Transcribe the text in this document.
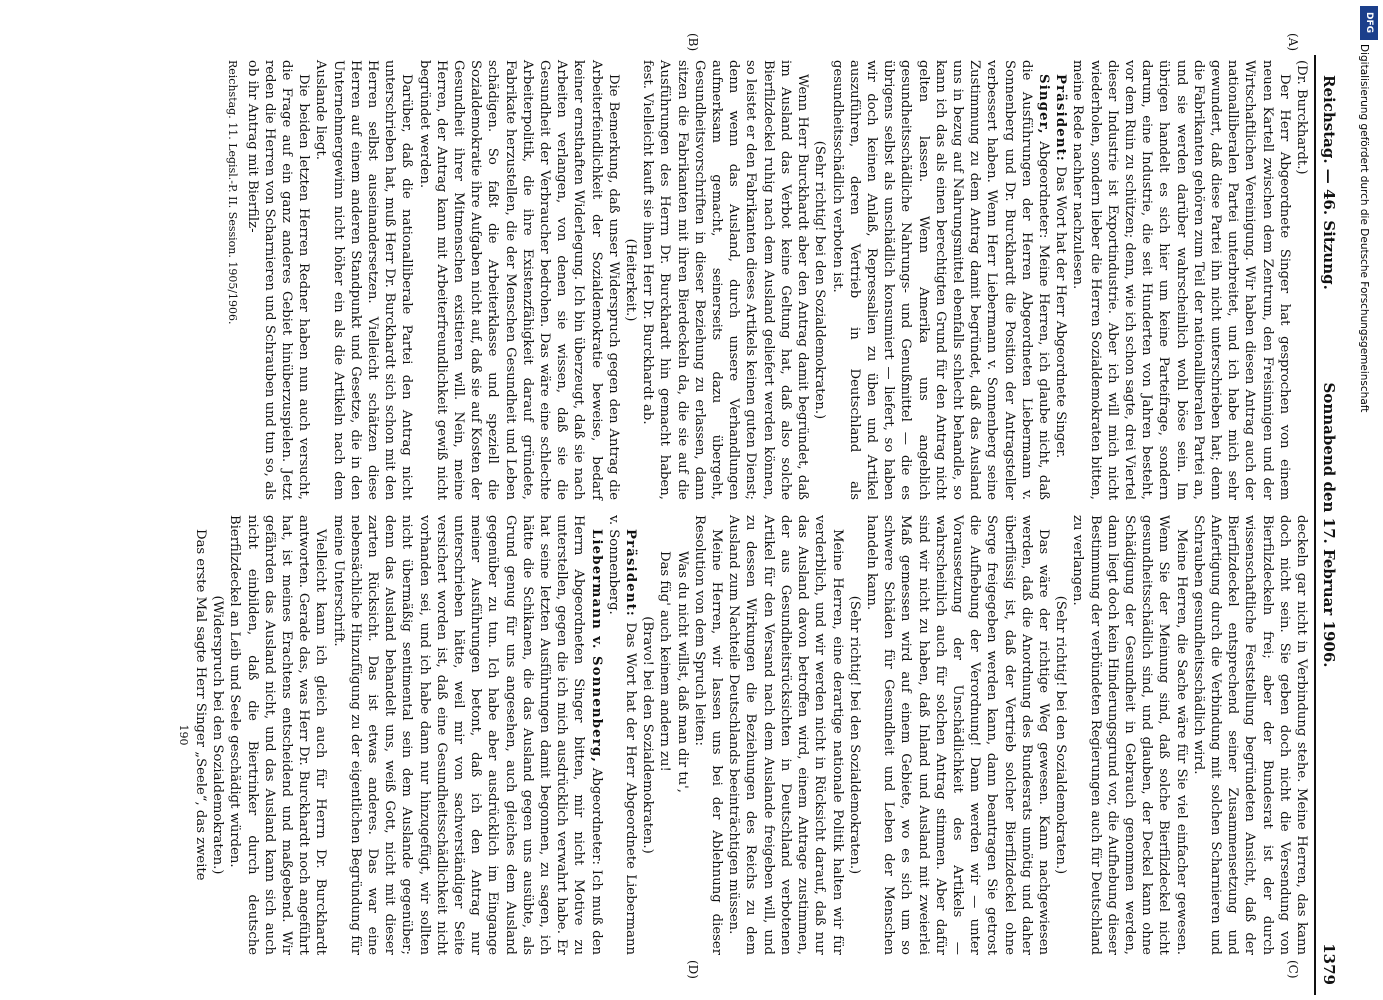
Reichstag. — 46. Sitzung.
Sonnabend den 17. Februar 1906.
1379
(A)
(B)
(C)
(D)

(Dr. Burckhardt.)

Der Herr Abgeordnete Singer hat gesprochen von einem neuen Kartell zwischen dem Zentrum, den Freisinnigen und der Wirtschaftlichen Vereinigung. Wir haben diesen Antrag auch der nationalliberalen Partei unterbreitet, und ich habe mich sehr gewundert, daß diese Partei ihn nicht unterschrieben hat; denn die Fabrikanten gehören zum Teil der nationalliberalen Partei an, und sie werden darüber wahrscheinlich wohl böse sein. Im übrigen handelt es sich hier um keine Parteifrage, sondern darum, eine Industrie, die seit Hunderten von Jahren besteht, vor dem Ruin zu schützen; denn, wie ich schon sagte, drei Viertel dieser Industrie ist Exportindustrie. Aber ich will mich nicht wiederholen, sondern lieber die Herren Sozialdemokraten bitten, meine Rede nachher nachzulesen.

Präsident: Das Wort hat der Herr Abgeordnete Singer.

Singer, Abgeordneter: Meine Herren, ich glaube nicht, daß die Ausführungen der Herren Abgeordneten Liebermann v. Sonnenberg und Dr. Burckhardt die Position der Antragsteller verbessert haben. Wenn Herr Liebermann v. Sonnenberg seine Zustimmung zu dem Antrag damit begründet, daß das Ausland uns in bezug auf Nahrungsmittel ebenfalls schlecht behandle, so kann ich das als einen berechtigten Grund für den Antrag nicht gelten lassen. Wenn Amerika uns angeblich gesundheitsschädliche Nahrungs- und Genußmittel — die es übrigens selbst als unschädlich konsumiert — liefert, so haben wir doch keinen Anlaß, Repressalien zu üben und Artikel auszuführen, deren Vertrieb in Deutschland als gesundheitsschädlich verboten ist.

(Sehr richtig! bei den Sozialdemokraten.)

Wenn Herr Burckhardt aber den Antrag damit begründet, daß im Ausland das Verbot keine Geltung hat, daß also solche Bierfilzdeckel ruhig nach dem Ausland geliefert werden können, so leistet er den Fabrikanten dieses Artikels keinen guten Dienst; denn wenn das Ausland, durch unsere Verhandlungen aufmerksam gemacht, seinerseits dazu übergeht, Gesundheitsvorschriften in dieser Beziehung zu erlassen, dann sitzen die Fabrikanten mit ihren Bierdeckeln da, die sie auf die Ausführungen des Herrn Dr. Burckhardt hin gemacht haben, fest. Vielleicht kauft sie ihnen Herr Dr. Burckhardt ab.

(Heiterkeit.)

Die Bemerkung, daß unser Widerspruch gegen den Antrag die Arbeiterfeindlichkeit der Sozialdemokratie beweise, bedarf keiner ernsthaften Widerlegung. Ich bin überzeugt, daß sie nach Arbeiten verlangen, von denen sie wissen, daß sie die Gesundheit der Verbraucher bedrohen. Das wäre eine schlechte Arbeiterpolitik, die ihre Existenzfähigkeit darauf gründete, Fabrikate herzustellen, die der Menschen Gesundheit und Leben schädigen. So faßt die Arbeiterklasse und speziell die Sozialdemokratie ihre Aufgaben nicht auf, daß sie auf Kosten der Gesundheit ihrer Mitmenschen existieren will. Nein, meine Herren, der Antrag kann mit Arbeiterfreundlichkeit gewiß nicht begründet werden.

Darüber, daß die nationalliberale Partei den Antrag nicht unterschrieben hat, muß Herr Dr. Burckhardt sich schon mit den Herren selbst auseinandersetzen. Vielleicht schätzen diese Herren auf einem anderen Standpunkt und Gesetze, die in den Unternehmergewinn nicht höher ein als die Artikeln nach dem Auslande liegt.

Die beiden letzten Herren Redner haben nun auch versucht, die Frage auf ein ganz anderes Gebiet hinüberzuspielen. Jetzt reden die Herren von Scharnieren und Schrauben und tun so, als ob ihr Antrag mit Bierfilz-

Reichstag. 11. Legisl.-P. II. Session. 1905/1906.

deckeln gar nicht in Verbindung stehe. Meine Herren, das kann doch nicht sein. Sie geben doch nicht die Versendung von Bierfilzdeckeln frei; aber der Bundesrat ist der durch wissenschaftliche Feststellung begründeten Ansicht, daß der Bierfilzdeckel entsprechend seiner Zusammensetzung und Anfertigung durch die Verbindung mit solchen Scharnieren und Schrauben gesundheitsschädlich wird.

Meine Herren, die Sache wäre für Sie viel einfacher gewesen. Wenn Sie der Meinung sind, daß solche Bierfilzdeckel nicht gesundheitsschädlich sind, und glauben, der Deckel kann ohne Schädigung der Gesundheit in Gebrauch genommen werden, dann liegt doch kein Hinderungsgrund vor, die Aufhebung dieser Bestimmung der verbündeten Regierungen auch für Deutschland zu verlangen.

(Sehr richtig! bei den Sozialdemokraten.)

Das wäre der richtige Weg gewesen. Kann nachgewiesen werden, daß die Anordnung des Bundesrats unnötig und daher überflüssig ist, daß der Vertrieb solcher Bierfilzdeckel ohne Sorge freigegeben werden kann, dann beantragen Sie getrost die Aufhebung der Verordnung! Dann werden wir — unter Voraussetzung der Unschädlichkeit des Artikels — wahrscheinlich auch für solchen Antrag stimmen. Aber dafür sind wir nicht zu haben, daß Inland und Ausland mit zweierlei Maß gemessen wird auf einem Gebiete, wo es sich um so schwere Schäden für Gesundheit und Leben der Menschen handeln kann.

(Sehr richtig! bei den Sozialdemokraten.)

Meine Herren, eine derartige nationale Politik halten wir für verderblich, und wir werden nicht in Rücksicht darauf, daß nur das Ausland davon betroffen wird, einem Antrage zustimmen, der aus Gesundheitsrücksichten in Deutschland verbotenen Artikel für den Versand nach dem Auslande freigeben will, und zu dessen Wirkungen die Beziehungen des Reichs zu dem Ausland zum Nachteile Deutschlands beeinträchtigen müssen.

Meine Herren, wir lassen uns bei der Ablehnung dieser Resolution von dem Spruch leiten:

Was du nicht willst, daß man dir tu',

Das füg' auch keinem andern zu!

(Bravo! bei den Sozialdemokraten.)

Präsident: Das Wort hat der Herr Abgeordnete Liebermann v. Sonnenberg.

Liebermann v. Sonnenberg, Abgeordneter: Ich muß den Herrn Abgeordneten Singer bitten, mir nicht Motive zu unterstellen, gegen die ich mich ausdrücklich verwahrt habe. Er hat seine letzten Ausführungen damit begonnen, zu sagen, ich hätte die Schikanen, die das Ausland gegen uns ausübte, als Grund genug für uns angesehen, auch gleiches dem Ausland gegenüber zu tun. Ich habe aber ausdrücklich im Eingange meiner Ausführungen betont, daß ich den Antrag nur unterschrieben hätte, weil mir von sachverständiger Seite versichert worden ist, daß eine Gesundheitsschädlichkeit nicht vorhanden sei, und ich habe dann nur hinzugefügt, wir sollten nicht übermäßig sentimental sein dem Auslande gegenüber; denn das Ausland behandelt uns, weiß Gott, nicht mit dieser zarten Rücksicht. Das ist etwas anderes. Das war eine nebensächliche Hinzufügung zu der eigentlichen Begründung für meine Unterschrift.

Vielleicht kann ich gleich auch für Herrn Dr. Burckhardt antworten. Gerade das, was Herr Dr. Burckhardt noch angeführt hat, ist meines Erachtens entscheidend und maßgebend. Wir gefährden das Ausland nicht, und das Ausland kann sich auch nicht einbilden, daß die Biertrinker durch deutsche Bierfilzdeckel an Leib und Seele geschädigt würden.

(Widerspruch bei den Sozialdemokraten.)

Das erste Mal sagte Herr Singer „Seele“, das zweite

190

DFG
Digitalisierung gefördert durch die Deutsche Forschungsgemeinschaft
